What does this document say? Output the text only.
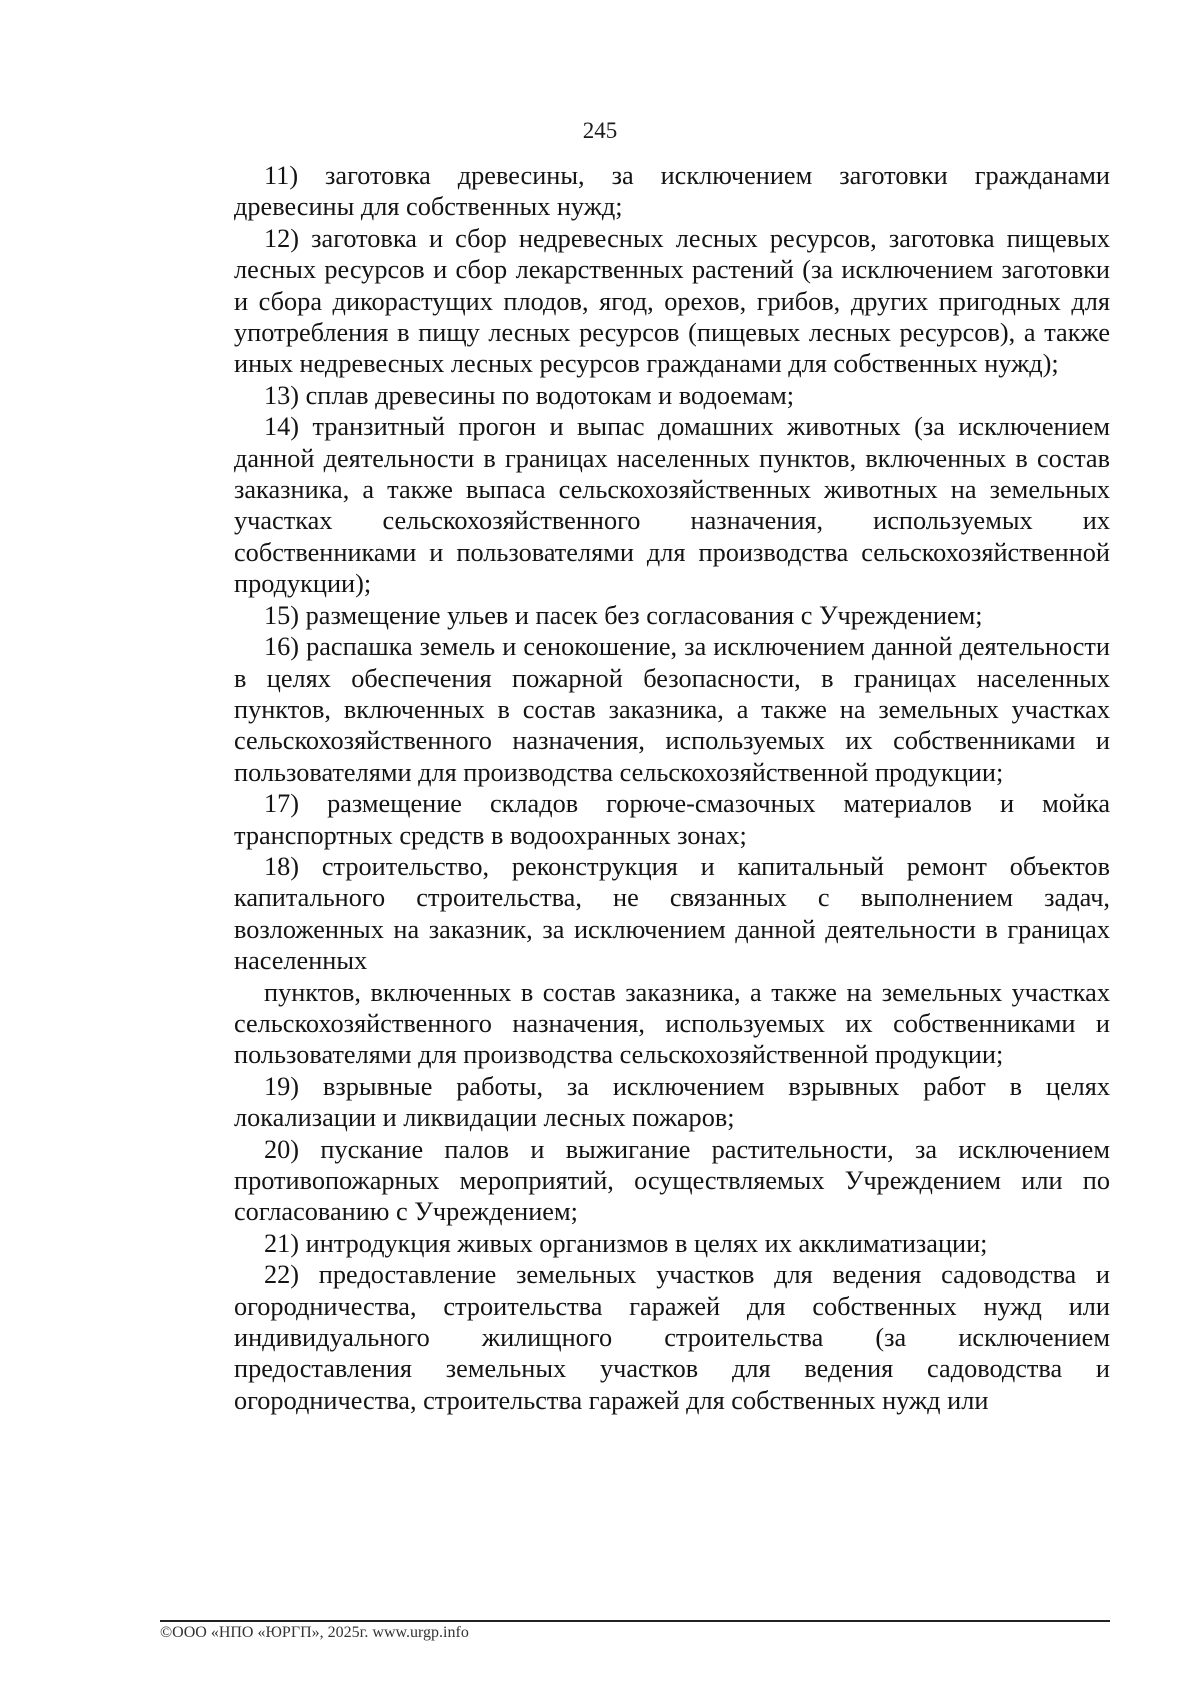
245

11) заготовка древесины, за исключением заготовки гражданами древесины для собственных нужд;

12) заготовка и сбор недревесных лесных ресурсов, заготовка пищевых лесных ресурсов и сбор лекарственных растений (за исключением заготовки и сбора дикорастущих плодов, ягод, орехов, грибов, других пригодных для употребления в пищу лесных ресурсов (пищевых лесных ресурсов), а также иных недревесных лесных ресурсов гражданами для собственных нужд);

13) сплав древесины по водотокам и водоемам;

14) транзитный прогон и выпас домашних животных (за исключением данной деятельности в границах населенных пунктов, включенных в состав заказника, а также выпаса сельскохозяйственных животных на земельных участках сельскохозяйственного назначения, используемых их собственниками и пользователями для производства сельскохозяйственной продукции);

15) размещение ульев и пасек без согласования с Учреждением;

16) распашка земель и сенокошение, за исключением данной деятельности в целях обеспечения пожарной безопасности, в границах населенных пунктов, включенных в состав заказника, а также на земельных участках сельскохозяйственного назначения, используемых их собственниками и пользователями для производства сельскохозяйственной продукции;

17) размещение складов горюче-смазочных материалов и мойка транспортных средств в водоохранных зонах;

18) строительство, реконструкция и капитальный ремонт объектов капитального строительства, не связанных с выполнением задач, возложенных на заказник, за исключением данной деятельности в границах населенных

пунктов, включенных в состав заказника, а также на земельных участках сельскохозяйственного назначения, используемых их собственниками и пользователями для производства сельскохозяйственной продукции;

19) взрывные работы, за исключением взрывных работ в целях локализации и ликвидации лесных пожаров;

20) пускание палов и выжигание растительности, за исключением противопожарных мероприятий, осуществляемых Учреждением или по согласованию с Учреждением;

21) интродукция живых организмов в целях их акклиматизации;

22) предоставление земельных участков для ведения садоводства и огородничества, строительства гаражей для собственных нужд или индивидуального жилищного строительства (за исключением предоставления земельных участков для ведения садоводства и огородничества, строительства гаражей для собственных нужд или

©ООО «НПО «ЮРГП», 2025г. www.urgp.info
